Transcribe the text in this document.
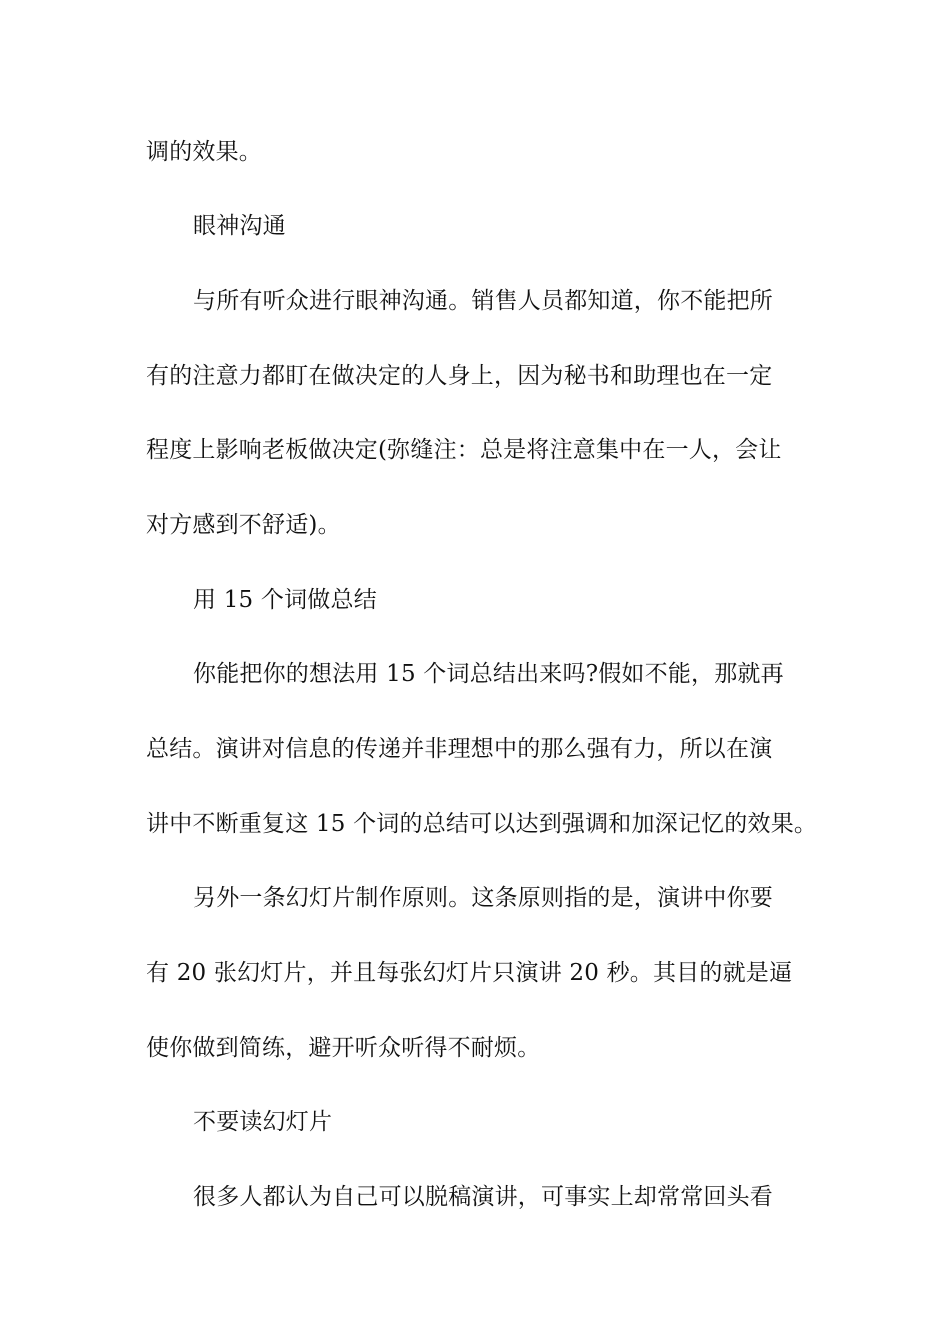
调的效果。
眼神沟通
与所有听众进行眼神沟通。销售人员都知道，你不能把所
有的注意力都盯在做决定的人身上，因为秘书和助理也在一定
程度上影响老板做决定(弥缝注：总是将注意集中在一人，会让
对方感到不舒适)。
用 15 个词做总结
你能把你的想法用 15 个词总结出来吗?假如不能，那就再
总结。演讲对信息的传递并非理想中的那么强有力，所以在演
讲中不断重复这 15 个词的总结可以达到强调和加深记忆的效果。
另外一条幻灯片制作原则。这条原则指的是，演讲中你要
有 20 张幻灯片，并且每张幻灯片只演讲 20 秒。其目的就是逼
使你做到简练，避开听众听得不耐烦。
不要读幻灯片
很多人都认为自己可以脱稿演讲，可事实上却常常回头看
